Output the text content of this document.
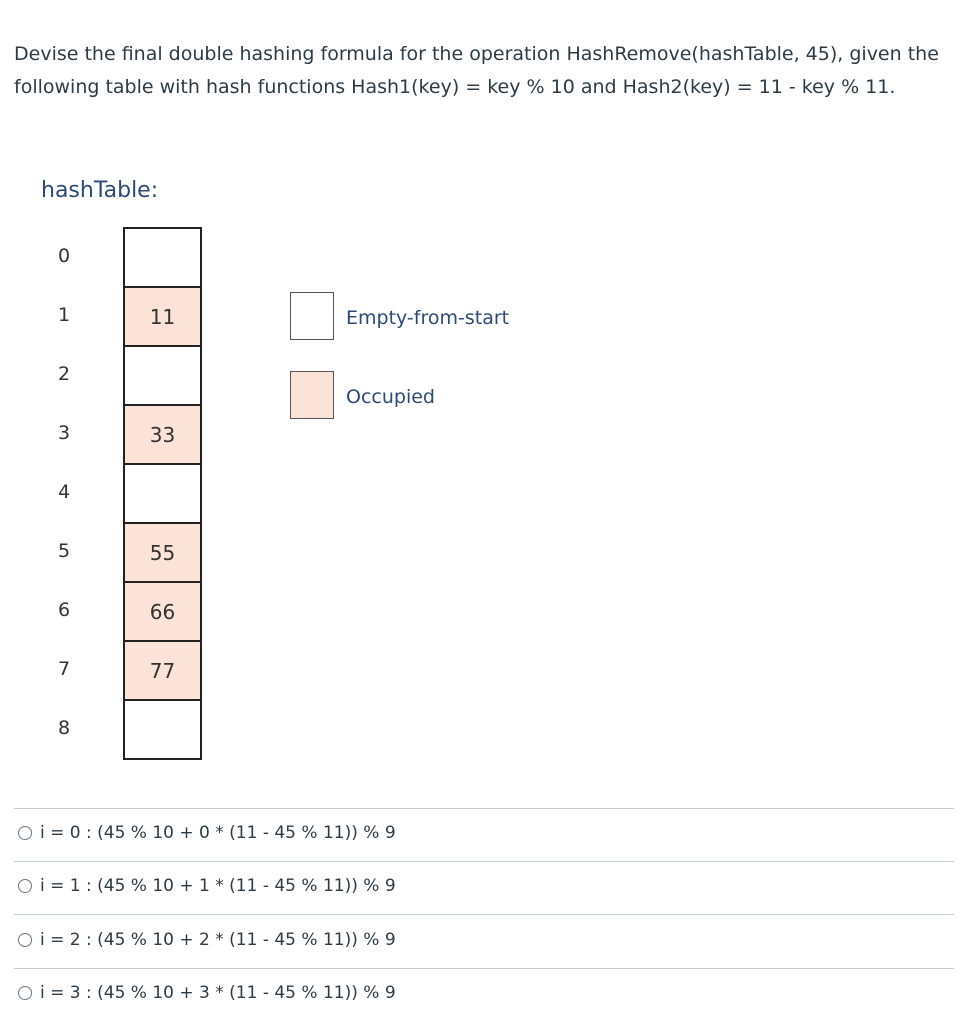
Devise the final double hashing formula for the operation HashRemove(hashTable, 45), given the following table with hash functions Hash1(key) = key % 10 and Hash2(key) = 11 - key % 11.

hashTable:
0
1
2
3
4
5
6
7
8
11
33
55
66
77
Empty-from-start
Occupied
i = 0 : (45 % 10 + 0 * (11 - 45 % 11)) % 9
i = 1 : (45 % 10 + 1 * (11 - 45 % 11)) % 9
i = 2 : (45 % 10 + 2 * (11 - 45 % 11)) % 9
i = 3 : (45 % 10 + 3 * (11 - 45 % 11)) % 9
